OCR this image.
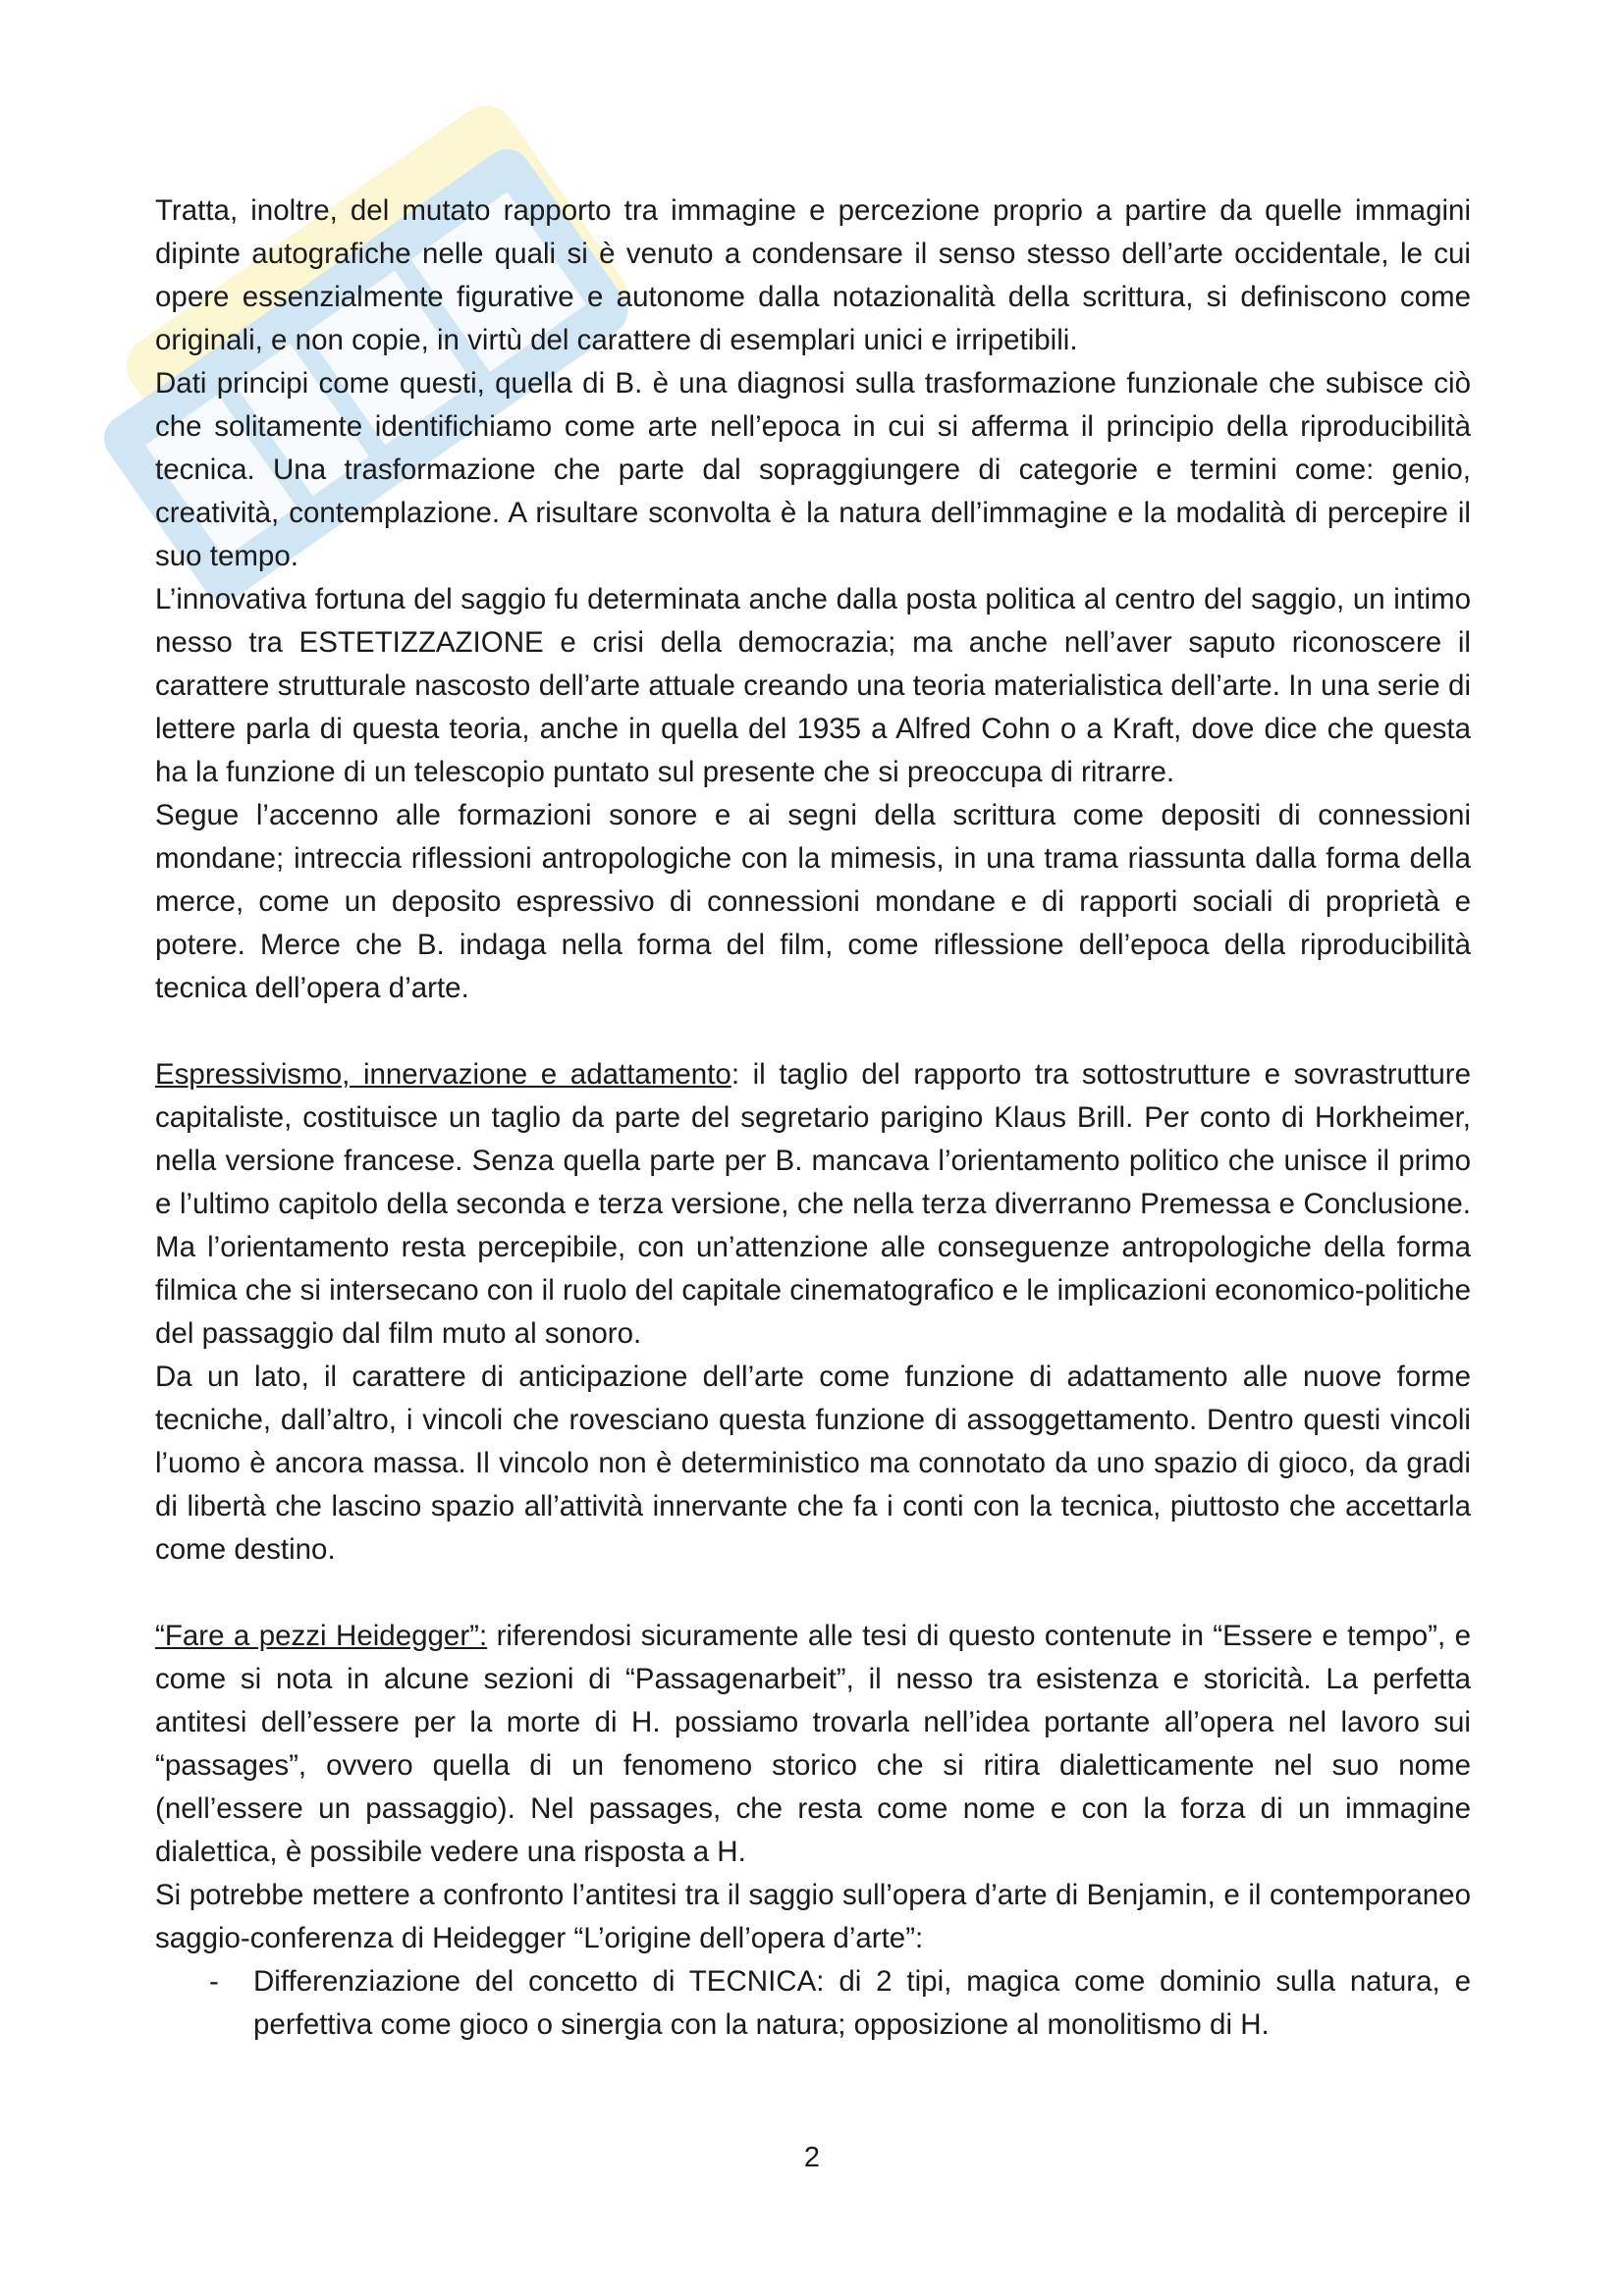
Tratta, inoltre, del mutato rapporto tra immagine e percezione proprio a partire da quelle immagini dipinte autografiche nelle quali si è venuto a condensare il senso stesso dell’arte occidentale, le cui opere essenzialmente figurative e autonome dalla notazionalità della scrittura, si definiscono come originali, e non copie, in virtù del carattere di esemplari unici e irripetibili.

Dati principi come questi, quella di B. è una diagnosi sulla trasformazione funzionale che subisce ciò che solitamente identifichiamo come arte nell’epoca in cui si afferma il principio della riproducibilità tecnica. Una trasformazione che parte dal sopraggiungere di categorie e termini come: genio, creatività, contemplazione. A risultare sconvolta è la natura dell’immagine e la modalità di percepire il suo tempo.

L’innovativa fortuna del saggio fu determinata anche dalla posta politica al centro del saggio, un intimo nesso tra ESTETIZZAZIONE e crisi della democrazia; ma anche nell’aver saputo riconoscere il carattere strutturale nascosto dell’arte attuale creando una teoria materialistica dell’arte. In una serie di lettere parla di questa teoria, anche in quella del 1935 a Alfred Cohn o a Kraft, dove dice che questa ha la funzione di un telescopio puntato sul presente che si preoccupa di ritrarre.

Segue l’accenno alle formazioni sonore e ai segni della scrittura come depositi di connessioni mondane; intreccia riflessioni antropologiche con la mimesis, in una trama riassunta dalla forma della merce, come un deposito espressivo di connessioni mondane e di rapporti sociali di proprietà e potere. Merce che B. indaga nella forma del film, come riflessione dell’epoca della riproducibilità tecnica dell’opera d’arte.

Espressivismo, innervazione e adattamento: il taglio del rapporto tra sottostrutture e sovrastrutture capitaliste, costituisce un taglio da parte del segretario parigino Klaus Brill. Per conto di Horkheimer, nella versione francese. Senza quella parte per B. mancava l’orientamento politico che unisce il primo e l’ultimo capitolo della seconda e terza versione, che nella terza diverranno Premessa e Conclusione. Ma l’orientamento resta percepibile, con un’attenzione alle conseguenze antropologiche della forma filmica che si intersecano con il ruolo del capitale cinematografico e le implicazioni economico-politiche del passaggio dal film muto al sonoro.

Da un lato, il carattere di anticipazione dell’arte come funzione di adattamento alle nuove forme tecniche, dall’altro, i vincoli che rovesciano questa funzione di assoggettamento. Dentro questi vincoli l’uomo è ancora massa. Il vincolo non è deterministico ma connotato da uno spazio di gioco, da gradi di libertà che lascino spazio all’attività innervante che fa i conti con la tecnica, piuttosto che accettarla come destino.

“Fare a pezzi Heidegger”: riferendosi sicuramente alle tesi di questo contenute in “Essere e tempo”, e come si nota in alcune sezioni di “Passagenarbeit”, il nesso tra esistenza e storicità. La perfetta antitesi dell’essere per la morte di H. possiamo trovarla nell’idea portante all’opera nel lavoro sui “passages”, ovvero quella di un fenomeno storico che si ritira dialetticamente nel suo nome (nell’essere un passaggio). Nel passages, che resta come nome e con la forza di un immagine dialettica, è possibile vedere una risposta a H.

Si potrebbe mettere a confronto l’antitesi tra il saggio sull’opera d’arte di Benjamin, e il contemporaneo saggio-conferenza di Heidegger “L’origine dell’opera d’arte”:

- Differenziazione del concetto di TECNICA: di 2 tipi, magica come dominio sulla natura, e perfettiva come gioco o sinergia con la natura; opposizione al monolitismo di H.
2
